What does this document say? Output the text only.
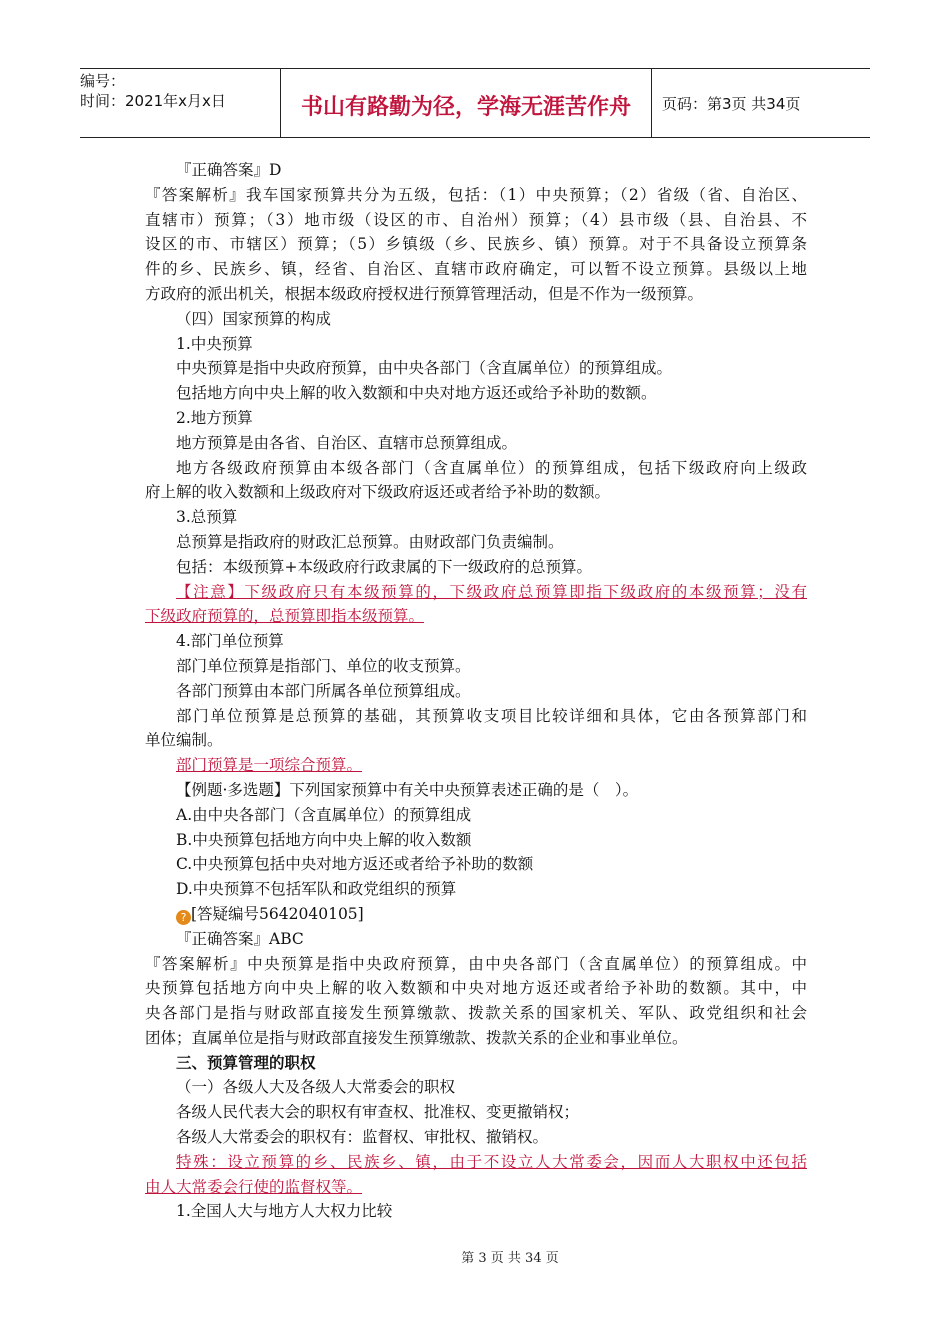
编号：
时间：2021年x月x日	书山有路勤为径，学海无涯苦作舟	页码：第3页 共34页
『正确答案』D
『答案解析』我车国家预算共分为五级，包括：（1）中央预算；（2）省级（省、自治区、
直辖市）预算；（3）地市级（设区的市、自治州）预算；（4）县市级（县、自治县、不
设区的市、市辖区）预算；（5）乡镇级（乡、民族乡、镇）预算。对于不具备设立预算条
件的乡、民族乡、镇，经省、自治区、直辖市政府确定，可以暂不设立预算。县级以上地
方政府的派出机关，根据本级政府授权进行预算管理活动，但是不作为一级预算。
（四）国家预算的构成
1.中央预算
中央预算是指中央政府预算，由中央各部门（含直属单位）的预算组成。
包括地方向中央上解的收入数额和中央对地方返还或给予补助的数额。
2.地方预算
地方预算是由各省、自治区、直辖市总预算组成。
地方各级政府预算由本级各部门（含直属单位）的预算组成，包括下级政府向上级政
府上解的收入数额和上级政府对下级政府返还或者给予补助的数额。
3.总预算
总预算是指政府的财政汇总预算。由财政部门负责编制。
包括：本级预算+本级政府行政隶属的下一级政府的总预算。
【注意】下级政府只有本级预算的，下级政府总预算即指下级政府的本级预算；没有
下级政府预算的，总预算即指本级预算。
4.部门单位预算
部门单位预算是指部门、单位的收支预算。
各部门预算由本部门所属各单位预算组成。
部门单位预算是总预算的基础，其预算收支项目比较详细和具体，它由各预算部门和
单位编制。
部门预算是一项综合预算。
【例题·多选题】下列国家预算中有关中央预算表述正确的是（　）。
A.由中央各部门（含直属单位）的预算组成
B.中央预算包括地方向中央上解的收入数额
C.中央预算包括中央对地方返还或者给予补助的数额
D.中央预算不包括军队和政党组织的预算
? [答疑编号5642040105]
『正确答案』ABC
『答案解析』中央预算是指中央政府预算，由中央各部门（含直属单位）的预算组成。中
央预算包括地方向中央上解的收入数额和中央对地方返还或者给予补助的数额。其中，中
央各部门是指与财政部直接发生预算缴款、拨款关系的国家机关、军队、政党组织和社会
团体；直属单位是指与财政部直接发生预算缴款、拨款关系的企业和事业单位。
三、预算管理的职权
（一）各级人大及各级人大常委会的职权
各级人民代表大会的职权有审查权、批准权、变更撤销权；
各级人大常委会的职权有：监督权、审批权、撤销权。
特殊：设立预算的乡、民族乡、镇，由于不设立人大常委会，因而人大职权中还包括
由人大常委会行使的监督权等。
1.全国人大与地方人大权力比较
第 3 页 共 34 页
